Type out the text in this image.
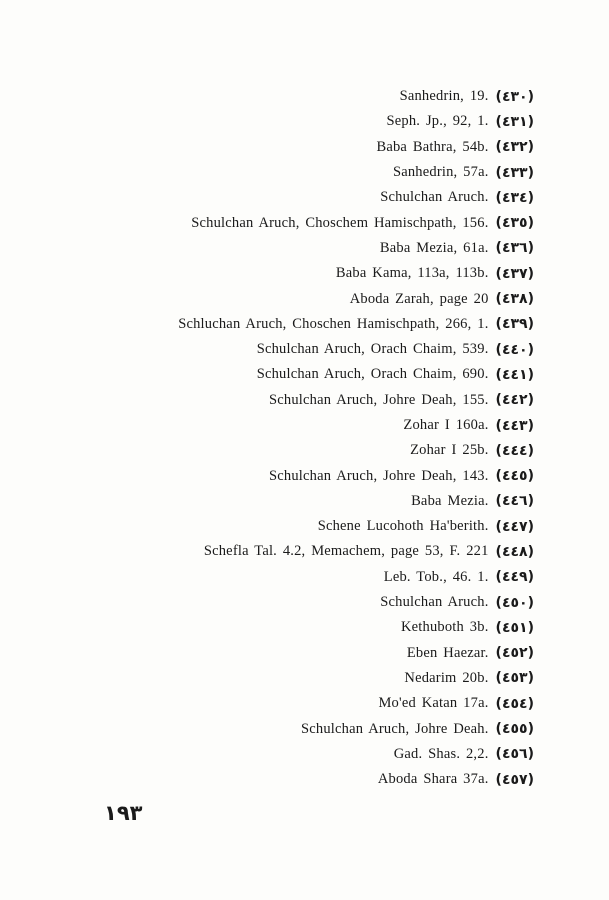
Sanhedrin, 19. (٤٣٠)
Seph. Jp., 92, 1. (٤٣١)
Baba Bathra, 54b. (٤٣٢)
Sanhedrin, 57a. (٤٣٣)
Schulchan Aruch. (٤٣٤)
Schulchan Aruch, Choschem Hamischpath, 156. (٤٣٥)
Baba Mezia, 61a. (٤٣٦)
Baba Kama, 113a, 113b. (٤٣٧)
Aboda Zarah, page 20 (٤٣٨)
Schluchan Aruch, Choschen Hamischpath, 266, 1. (٤٣٩)
Schulchan Aruch, Orach Chaim, 539. (٤٤٠)
Schulchan Aruch, Orach Chaim, 690. (٤٤١)
Schulchan Aruch, Johre Deah, 155. (٤٤٢)
Zohar I 160a. (٤٤٣)
Zohar I 25b. (٤٤٤)
Schulchan Aruch, Johre Deah, 143. (٤٤٥)
Baba Mezia. (٤٤٦)
Schene Lucohoth Ha'berith. (٤٤٧)
Schefla Tal. 4.2, Memachem, page 53, F. 221 (٤٤٨)
Leb. Tob., 46. 1. (٤٤٩)
Schulchan Aruch. (٤٥٠)
Kethuboth 3b. (٤٥١)
Eben Haezar. (٤٥٢)
Nedarim 20b. (٤٥٣)
Mo'ed Katan 17a. (٤٥٤)
Schulchan Aruch, Johre Deah. (٤٥٥)
Gad. Shas. 2,2. (٤٥٦)
Aboda Shara 37a. (٤٥٧)
١٩٣
